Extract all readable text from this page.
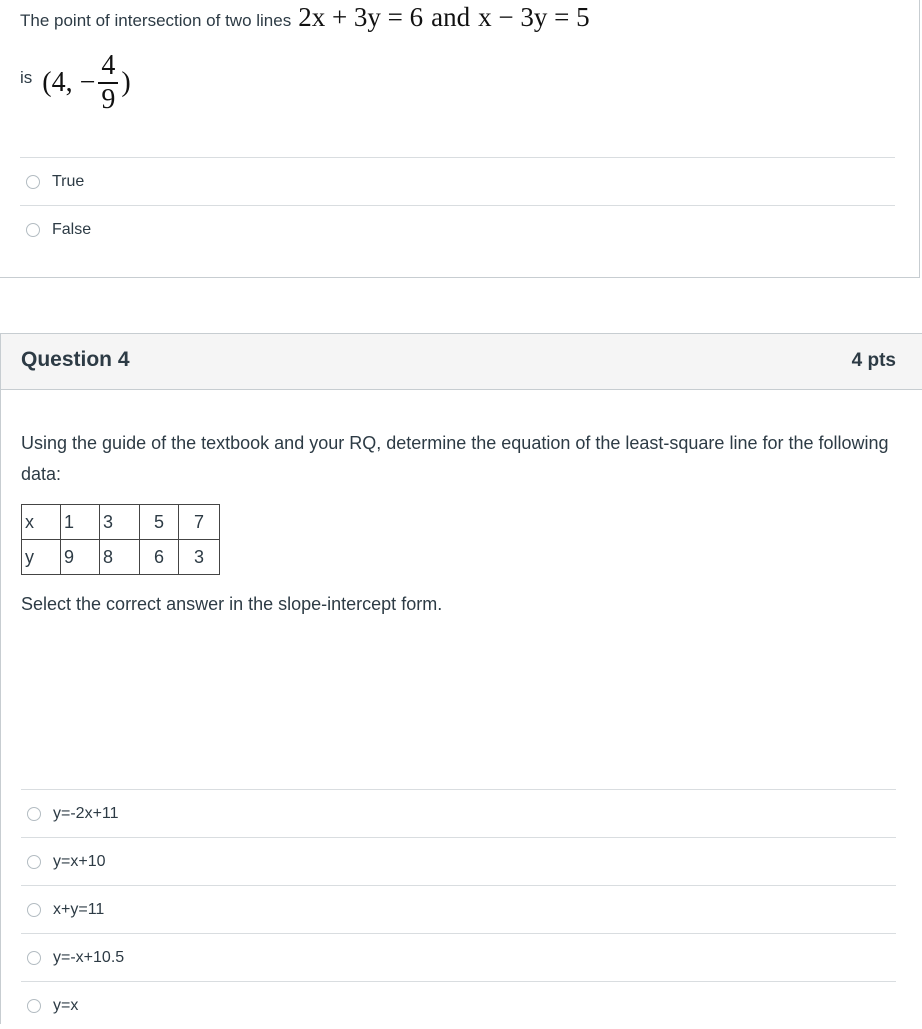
The point of intersection of two lines 2x + 3y = 6 and x − 3y = 5
is (4, − $\frac{4}{9}$ )
True
False
Question 4	4 pts
Using the guide of the textbook and your RQ, determine the equation of the least-square line for the following data:
x	1	3	5	7
y	9	8	6	3
Select the correct answer in the slope-intercept form.
y=-2x+11
y=x+10
x+y=11
y=-x+10.5
y=x
